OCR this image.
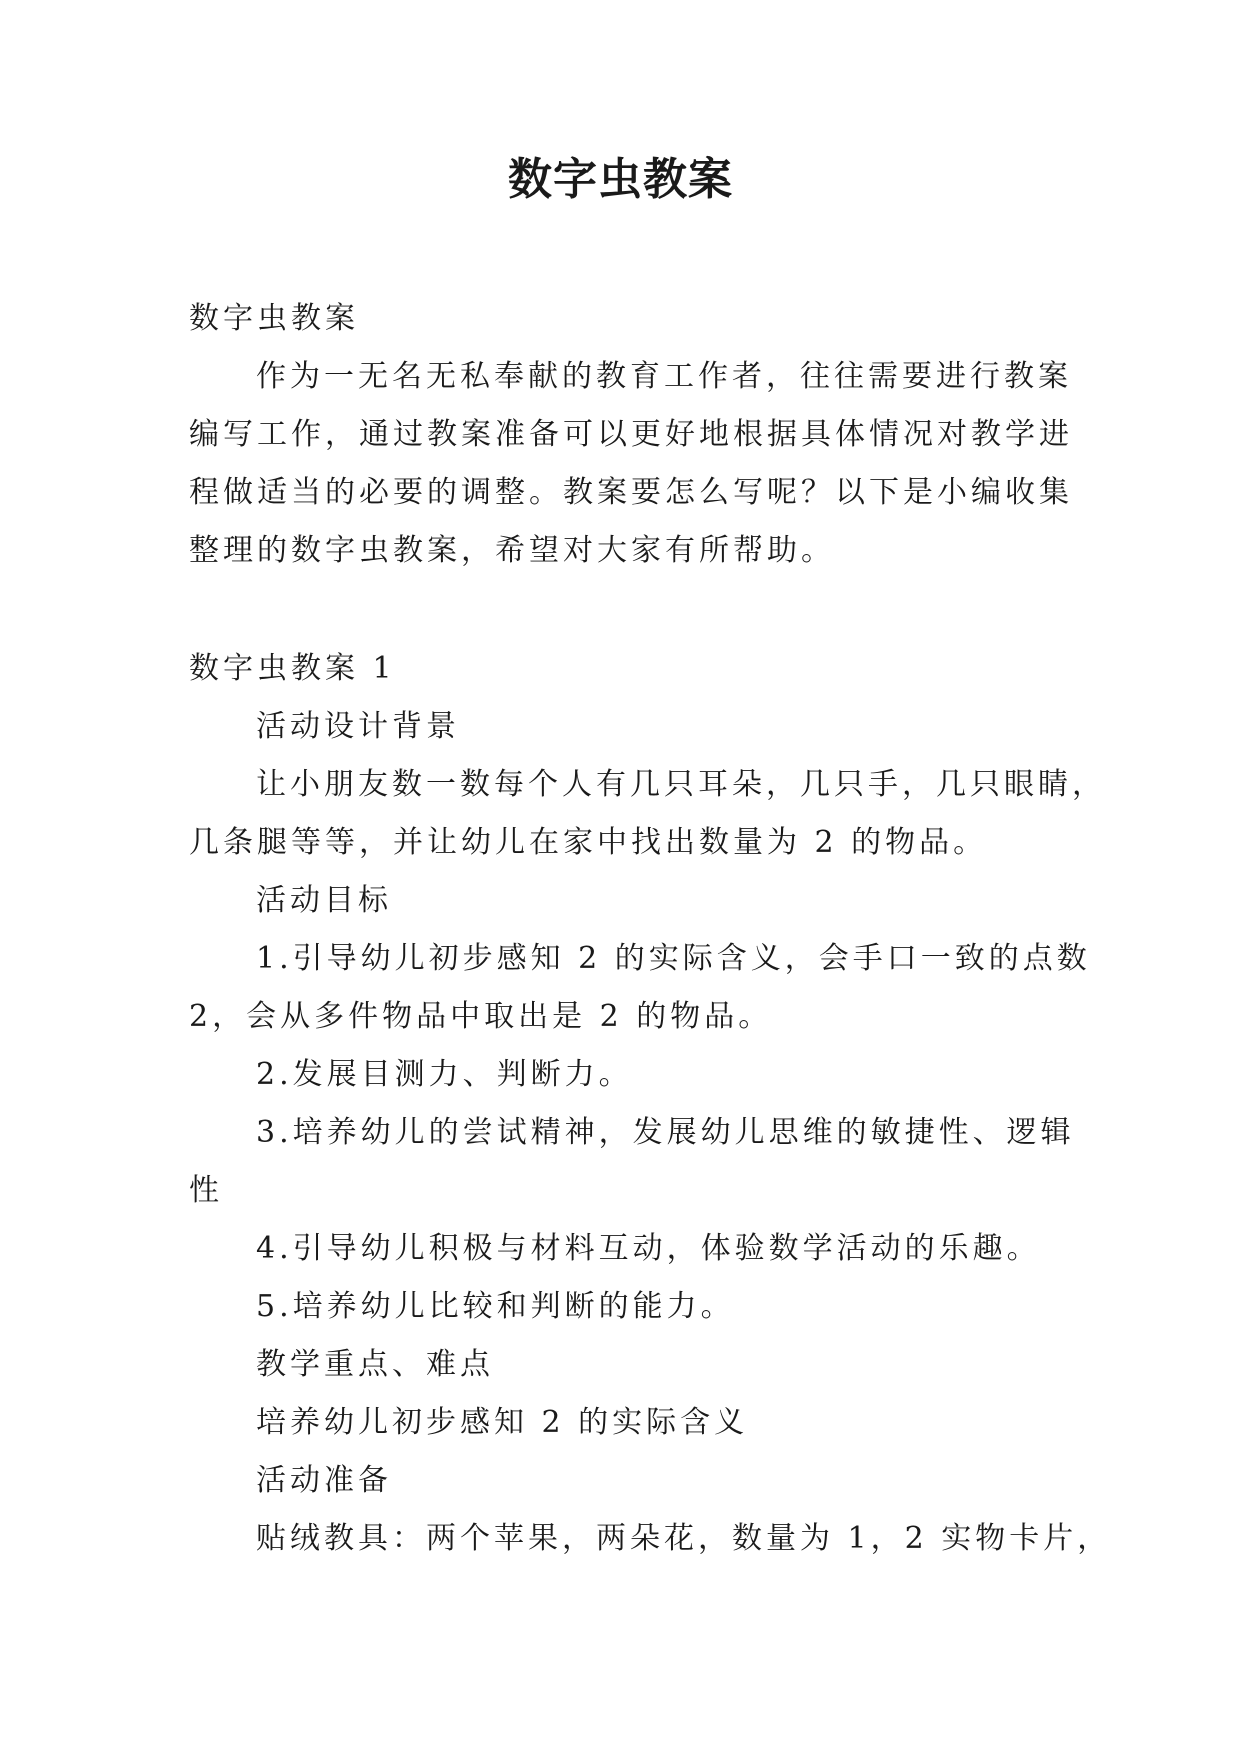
数字虫教案
数字虫教案
作为一无名无私奉献的教育工作者，往往需要进行教案
编写工作，通过教案准备可以更好地根据具体情况对教学进
程做适当的必要的调整。教案要怎么写呢？以下是小编收集
整理的数字虫教案，希望对大家有所帮助。
数字虫教案 1
活动设计背景
让小朋友数一数每个人有几只耳朵，几只手，几只眼睛，
几条腿等等，并让幼儿在家中找出数量为 2 的物品。
活动目标
1.引导幼儿初步感知 2 的实际含义，会手口一致的点数
2，会从多件物品中取出是 2 的物品。
2.发展目测力、判断力。
3.培养幼儿的尝试精神，发展幼儿思维的敏捷性、逻辑
性
4.引导幼儿积极与材料互动，体验数学活动的乐趣。
5.培养幼儿比较和判断的能力。
教学重点、难点
培养幼儿初步感知 2 的实际含义
活动准备
贴绒教具：两个苹果，两朵花，数量为 1，2 实物卡片，
